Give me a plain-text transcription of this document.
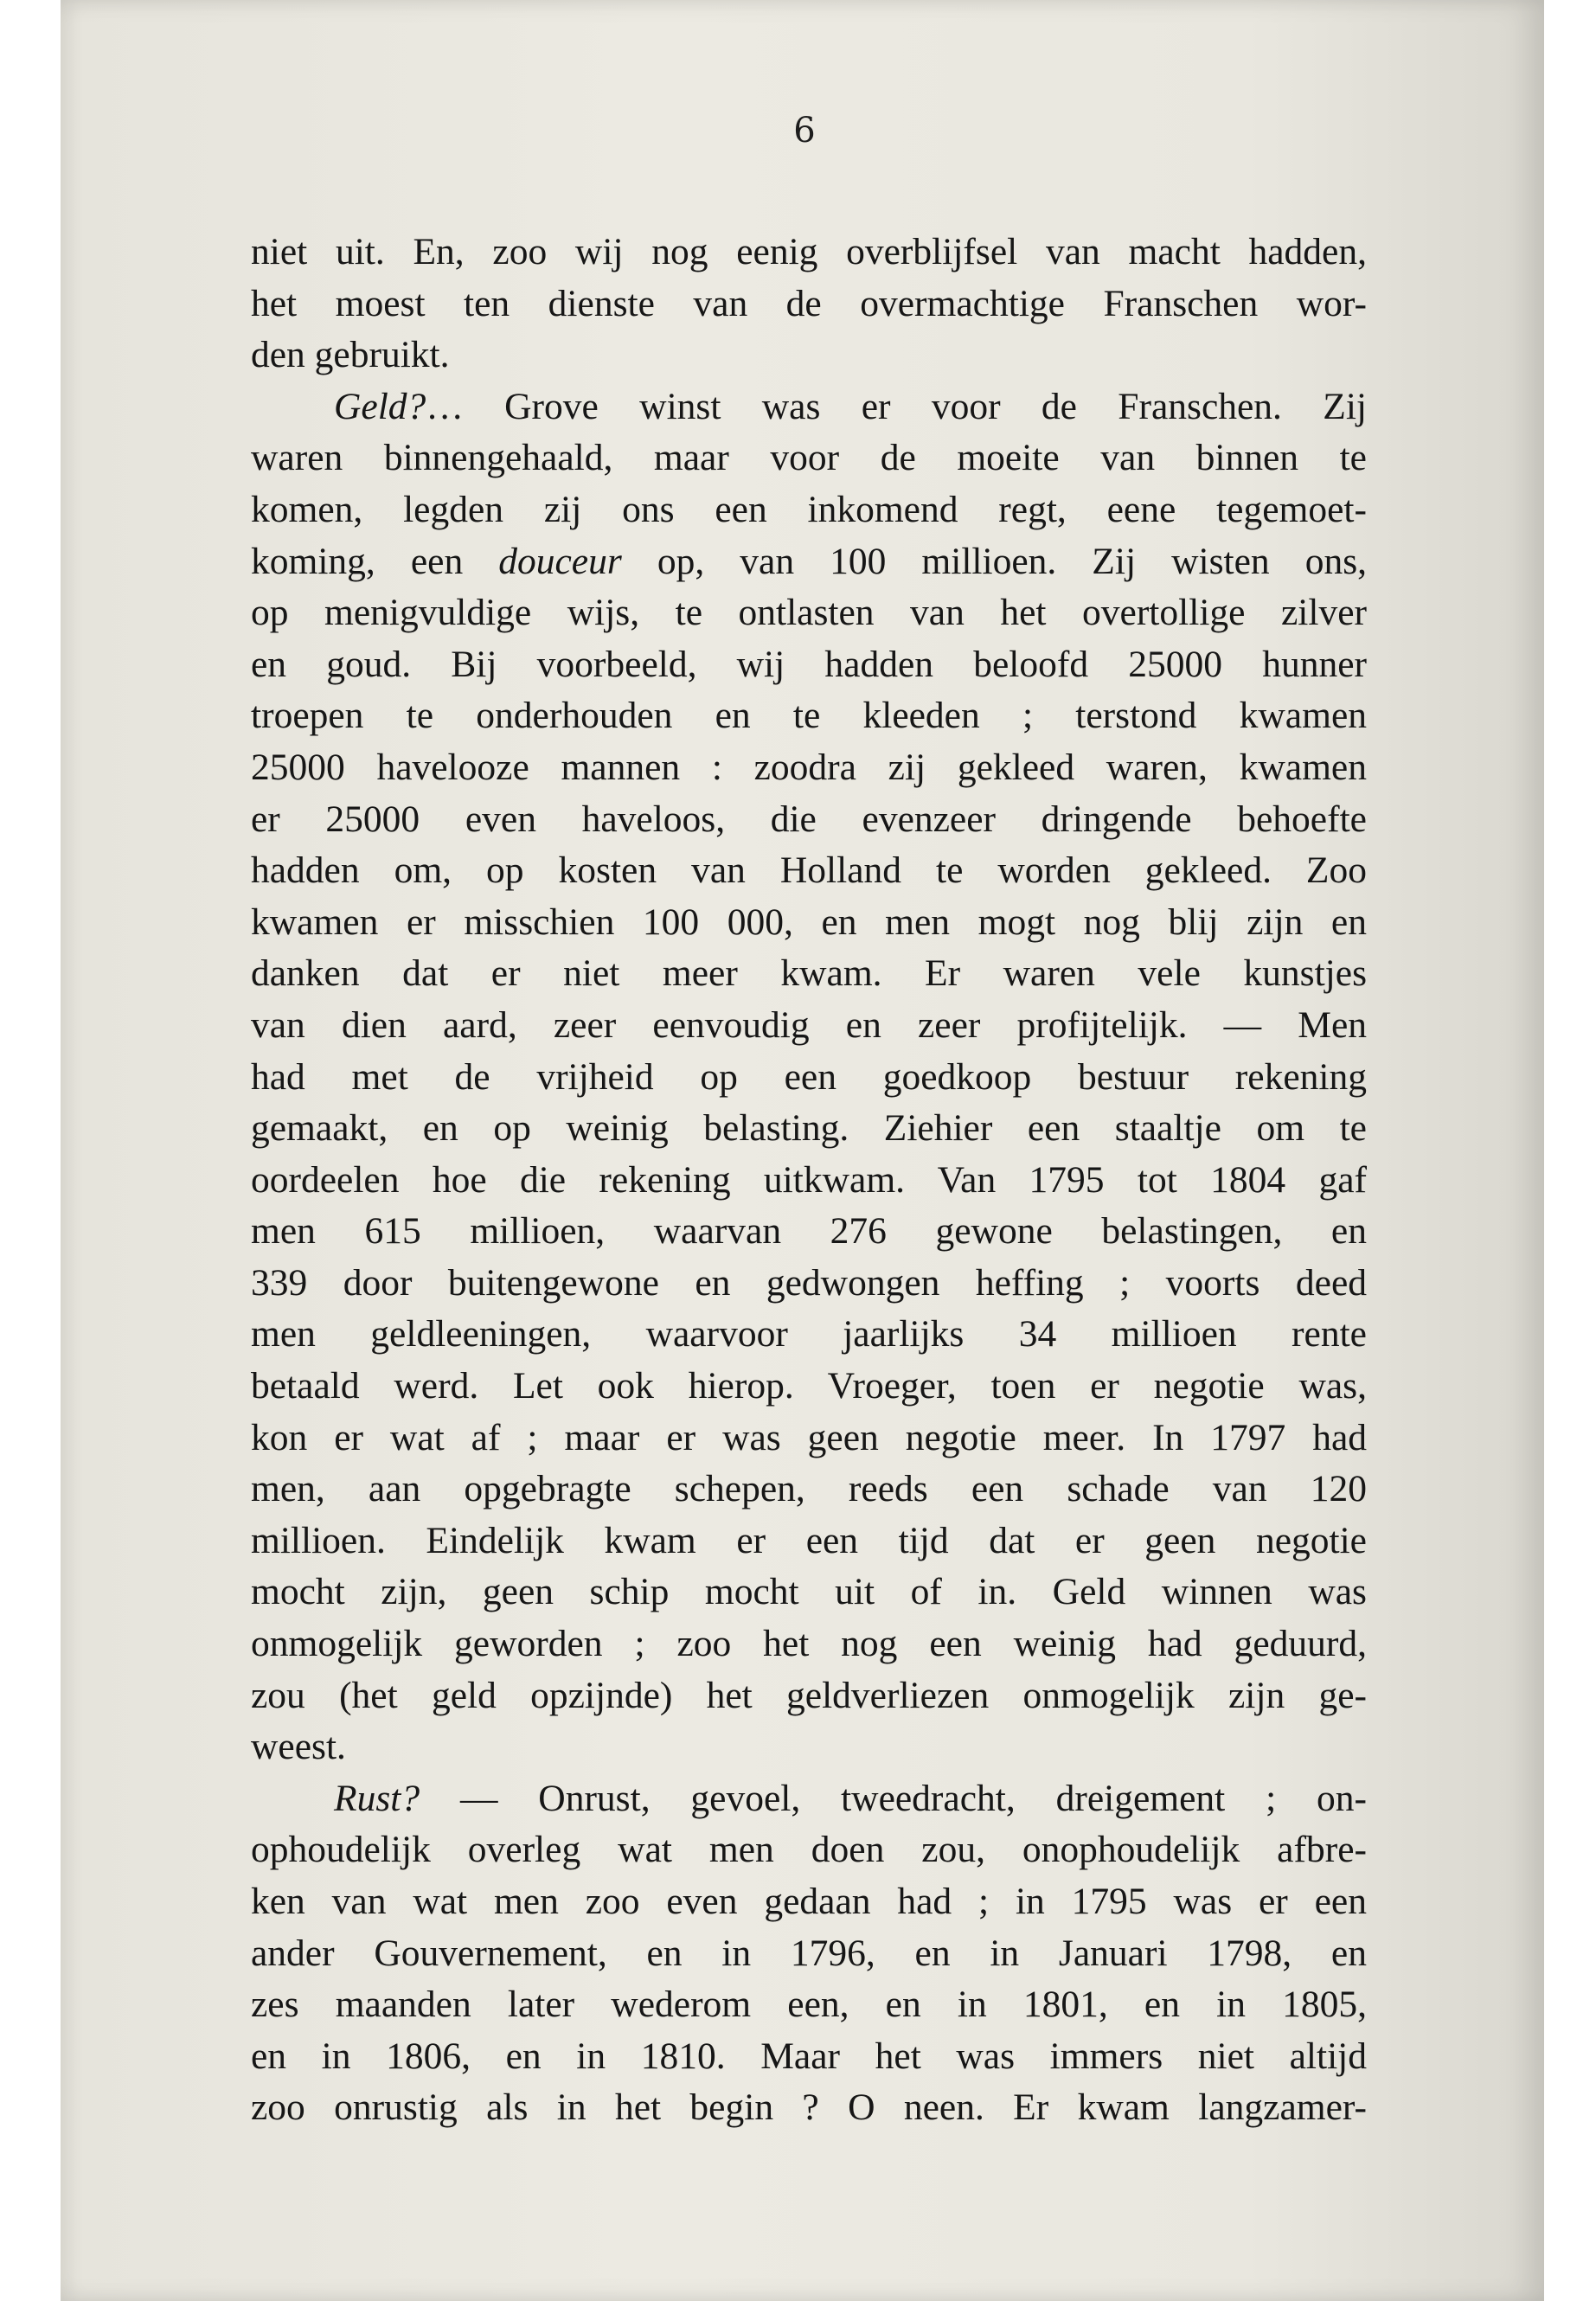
6
niet uit. En, zoo wij nog eenig overblijfsel van macht hadden,
het moest ten dienste van de overmachtige Franschen wor-
den gebruikt.
Geld?… Grove winst was er voor de Franschen. Zij
waren binnengehaald, maar voor de moeite van binnen te
komen, legden zij ons een inkomend regt, eene tegemoet-
koming, een douceur op, van 100 millioen. Zij wisten ons,
op menigvuldige wijs, te ontlasten van het overtollige zilver
en goud. Bij voorbeeld, wij hadden beloofd 25000 hunner
troepen te onderhouden en te kleeden ; terstond kwamen
25000 havelooze mannen : zoodra zij gekleed waren, kwamen
er 25000 even haveloos, die evenzeer dringende behoefte
hadden om, op kosten van Holland te worden gekleed. Zoo
kwamen er misschien 100 000, en men mogt nog blij zijn en
danken dat er niet meer kwam. Er waren vele kunstjes
van dien aard, zeer eenvoudig en zeer profijtelijk. — Men
had met de vrijheid op een goedkoop bestuur rekening
gemaakt, en op weinig belasting. Ziehier een staaltje om te
oordeelen hoe die rekening uitkwam. Van 1795 tot 1804 gaf
men 615 millioen, waarvan 276 gewone belastingen, en
339 door buitengewone en gedwongen heffing ; voorts deed
men geldleeningen, waarvoor jaarlijks 34 millioen rente
betaald werd. Let ook hierop. Vroeger, toen er negotie was,
kon er wat af ; maar er was geen negotie meer. In 1797 had
men, aan opgebragte schepen, reeds een schade van 120
millioen. Eindelijk kwam er een tijd dat er geen negotie
mocht zijn, geen schip mocht uit of in. Geld winnen was
onmogelijk geworden ; zoo het nog een weinig had geduurd,
zou (het geld opzijnde) het geldverliezen onmogelijk zijn ge-
weest.
Rust? — Onrust, gevoel, tweedracht, dreigement ; on-
ophoudelijk overleg wat men doen zou, onophoudelijk afbre-
ken van wat men zoo even gedaan had ; in 1795 was er een
ander Gouvernement, en in 1796, en in Januari 1798, en
zes maanden later wederom een, en in 1801, en in 1805,
en in 1806, en in 1810. Maar het was immers niet altijd
zoo onrustig als in het begin ? O neen. Er kwam langzamer-
